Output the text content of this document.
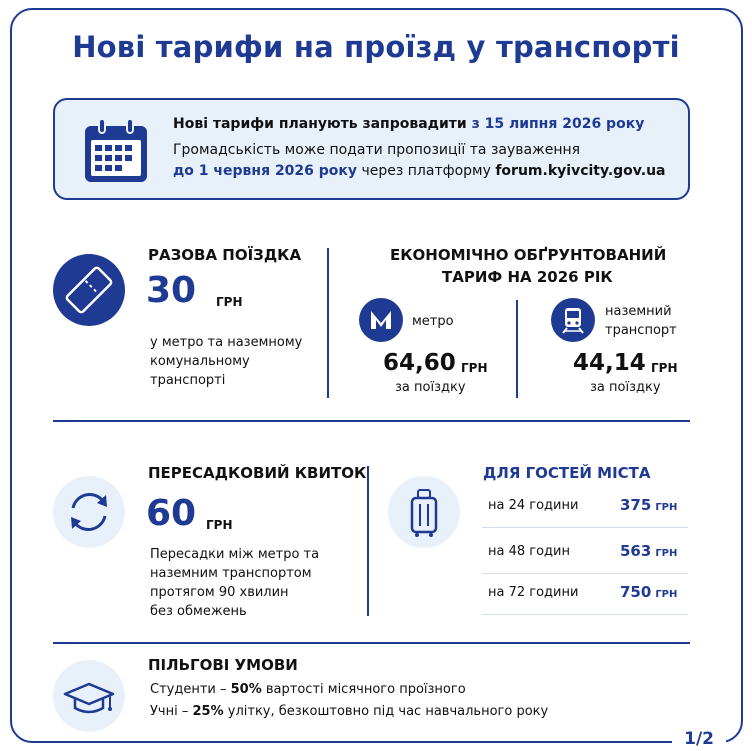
1/2
Нові тарифи на проїзд у транспорті
Нові тарифи планують запровадити з 15 липня 2026 року
Громадськість може подати пропозиції та зауваження
до 1 червня 2026 року через платформу forum.kyivcity.gov.ua
РАЗОВА ПОЇЗДКА
30 ГРН
у метро та наземному
комунальному
транспорті
ЕКОНОМІЧНО ОБҐРУНТОВАНИЙ
ТАРИФ НА 2026 РІК
метро
64,60 ГРН
за поїздку
наземний
транспорт
44,14 ГРН
за поїздку
ПЕРЕСАДКОВИЙ КВИТОК
60 ГРН
Пересадки між метро та
наземним транспортом
протягом 90 хвилин
без обмежень
ДЛЯ ГОСТЕЙ МІСТА
на 24 години	375 ГРН
на 48 годин	563 ГРН
на 72 години	750 ГРН
ПІЛЬГОВІ УМОВИ
Студенти – 50% вартості місячного проїзного
Учні – 25% улітку, безкоштовно під час навчального року
